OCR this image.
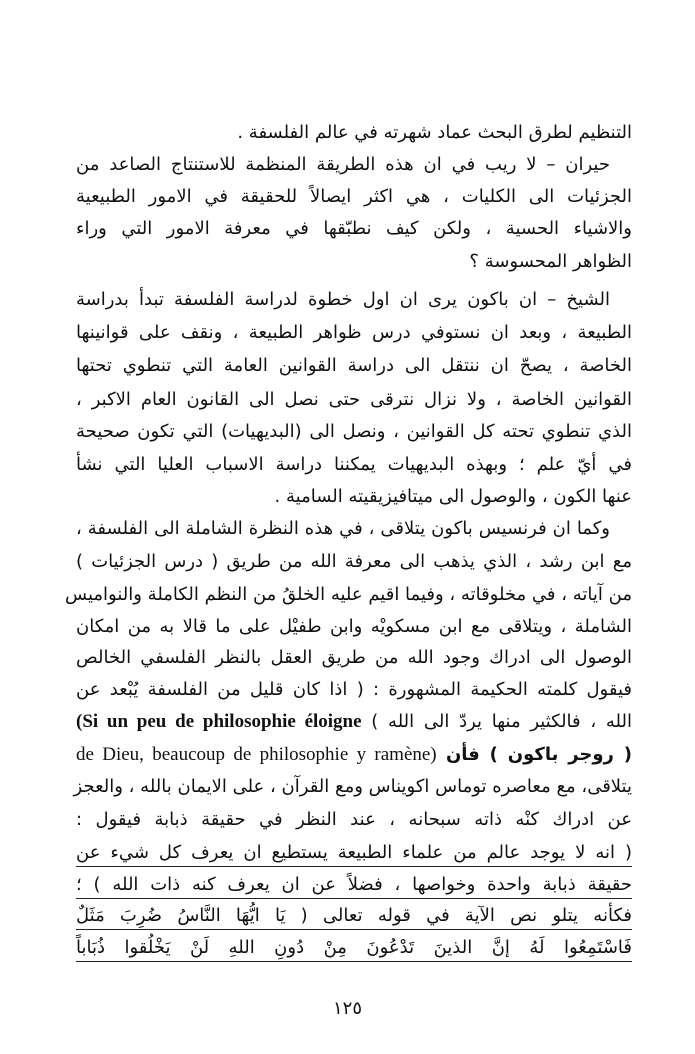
التنظيم لطرق البحث عماد شهرته في عالم الفلسفة .
حيران – لا ريب في ان هذه الطريقة المنظمة للاستنتاج الصاعد من
الجزئيات الى الكليات ، هي اكثر ايصالاً للحقيقة في الامور الطبيعية
والاشياء الحسية ، ولكن كيف نطبّقها في معرفة الامور التي وراء
الظواهر المحسوسة ؟
الشيخ – ان باكون يرى ان اول خطوة لدراسة الفلسفة تبدأ بدراسة
الطبيعة ، وبعد ان نستوفي درس ظواهر الطبيعة ، ونقف على قوانينها
الخاصة ، يصحّ ان ننتقل الى دراسة القوانين العامة التي تنطوي تحتها
القوانين الخاصة ، ولا نزال نترقى حتى نصل الى القانون العام الاكبر ،
الذي تنطوي تحته كل القوانين ، ونصل الى (البديهيات) التي تكون صحيحة
في أيّ علم ؛ وبهذه البديهيات يمكننا دراسة الاسباب العليا التي نشأ
عنها الكون ، والوصول الى ميتافيزيقيته السامية .
وكما ان فرنسيس باكون يتلاقى ، في هذه النظرة الشاملة الى الفلسفة ،
مع ابن رشد ، الذي يذهب الى معرفة الله من طريق ( درس الجزئيات )
من آياته ، في مخلوقاته ، وفيما اقيم عليه الخلقُ من النظم الكاملة والنواميس
الشاملة ، ويتلاقى مع ابن مسكويْه وابن طفيْل على ما قالا به من امكان
الوصول الى ادراك وجود الله من طريق العقل بالنظر الفلسفي الخالص
فيقول كلمته الحكيمة المشهورة : ( اذا كان قليل من الفلسفة يُبْعد عن
الله ، فالكثير منها يردّ الى الله ) (Si un peu de philosophie éloigne
( روجر باكون ) فأن de Dieu, beaucoup de philosophie y ramène)
يتلاقى، مع معاصره توماس اكويناس ومع القرآن ، على الايمان بالله ، والعجز
عن ادراك كنْه ذاته سبحانه ، عند النظر في حقيقة ذبابة فيقول :
( انه لا يوجد عالم من علماء الطبيعة يستطيع ان يعرف كل شيء عن
حقيقة ذبابة واحدة وخواصها ، فضلاً عن ان يعرف كنه ذات الله ) ؛
فكأنه يتلو نص الآية في قوله تعالى ( يَا ايُّهَا النَّاسُ ضُرِبَ مَثَلٌ
فَاسْتَمِعُوا لَهُ إنَّ الذينَ تَدْعُونَ مِنْ دُونِ اللهِ لَنْ يَخْلُقوا ذُبَاباً
١٢٥
